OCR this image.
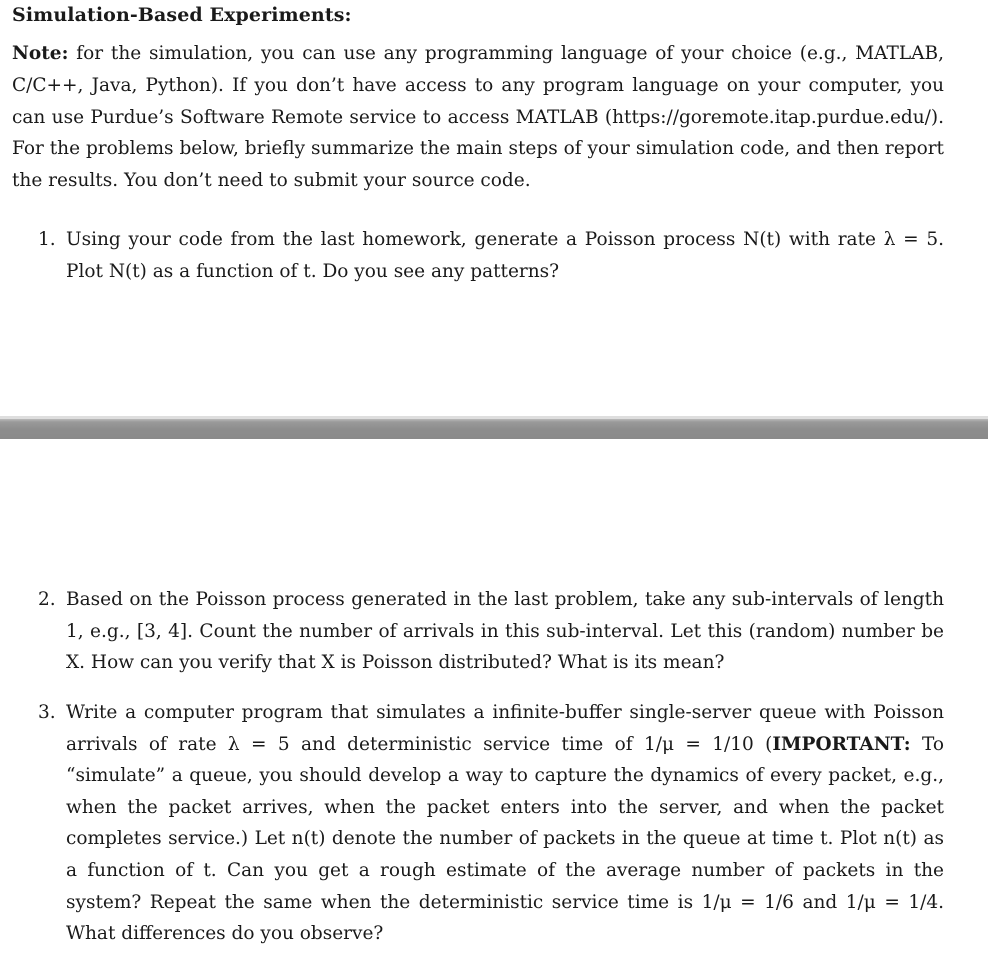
Simulation-Based Experiments:
Note: for the simulation, you can use any programming language of your choice (e.g., MATLAB, C/C++, Java, Python). If you don’t have access to any program language on your computer, you can use Purdue’s Software Remote service to access MATLAB (https://goremote.itap.purdue.edu/). For the problems below, briefly summarize the main steps of your simulation code, and then report the results. You don’t need to submit your source code.
1. Using your code from the last homework, generate a Poisson process N(t) with rate λ = 5. Plot N(t) as a function of t. Do you see any patterns?
2. Based on the Poisson process generated in the last problem, take any sub-intervals of length 1, e.g., [3, 4]. Count the number of arrivals in this sub-interval. Let this (random) number be X. How can you verify that X is Poisson distributed? What is its mean?
3. Write a computer program that simulates a infinite-buffer single-server queue with Poisson arrivals of rate λ = 5 and deterministic service time of 1/μ = 1/10 (IMPORTANT: To “simulate” a queue, you should develop a way to capture the dynamics of every packet, e.g., when the packet arrives, when the packet enters into the server, and when the packet completes service.) Let n(t) denote the number of packets in the queue at time t. Plot n(t) as a function of t. Can you get a rough estimate of the average number of packets in the system? Repeat the same when the deterministic service time is 1/μ = 1/6 and 1/μ = 1/4. What differences do you observe?
